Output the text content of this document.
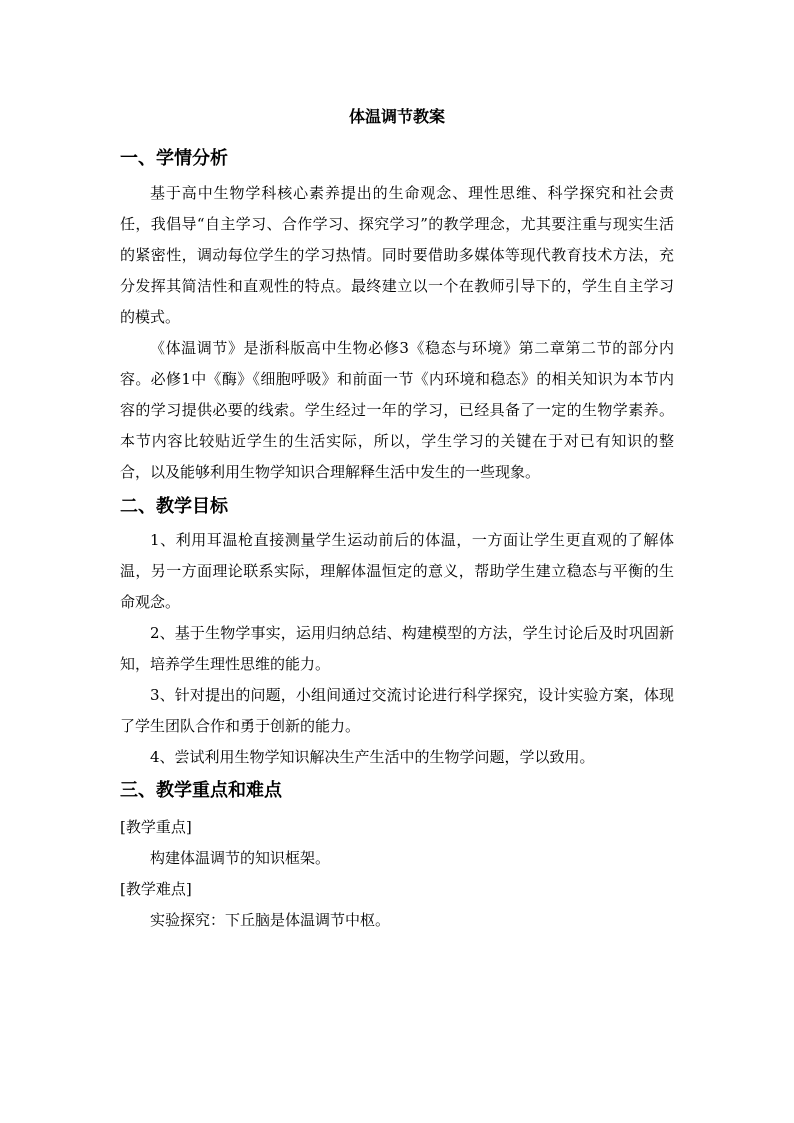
体温调节教案
一、学情分析

基于高中生物学科核心素养提出的生命观念、理性思维、科学探究和社会责任，我倡导“自主学习、合作学习、探究学习”的教学理念，尤其要注重与现实生活的紧密性，调动每位学生的学习热情。同时要借助多媒体等现代教育技术方法，充分发挥其简洁性和直观性的特点。最终建立以一个在教师引导下的，学生自主学习的模式。

《体温调节》是浙科版高中生物必修3《稳态与环境》第二章第二节的部分内容。必修1中《酶》《细胞呼吸》和前面一节《内环境和稳态》的相关知识为本节内容的学习提供必要的线索。学生经过一年的学习，已经具备了一定的生物学素养。本节内容比较贴近学生的生活实际，所以，学生学习的关键在于对已有知识的整合，以及能够利用生物学知识合理解释生活中发生的一些现象。

二、教学目标

1、利用耳温枪直接测量学生运动前后的体温，一方面让学生更直观的了解体温，另一方面理论联系实际，理解体温恒定的意义，帮助学生建立稳态与平衡的生命观念。

2、基于生物学事实，运用归纳总结、构建模型的方法，学生讨论后及时巩固新知，培养学生理性思维的能力。

3、针对提出的问题，小组间通过交流讨论进行科学探究，设计实验方案，体现了学生团队合作和勇于创新的能力。

4、尝试利用生物学知识解决生产生活中的生物学问题，学以致用。

三、教学重点和难点

[教学重点]

构建体温调节的知识框架。

[教学难点]

实验探究：下丘脑是体温调节中枢。
